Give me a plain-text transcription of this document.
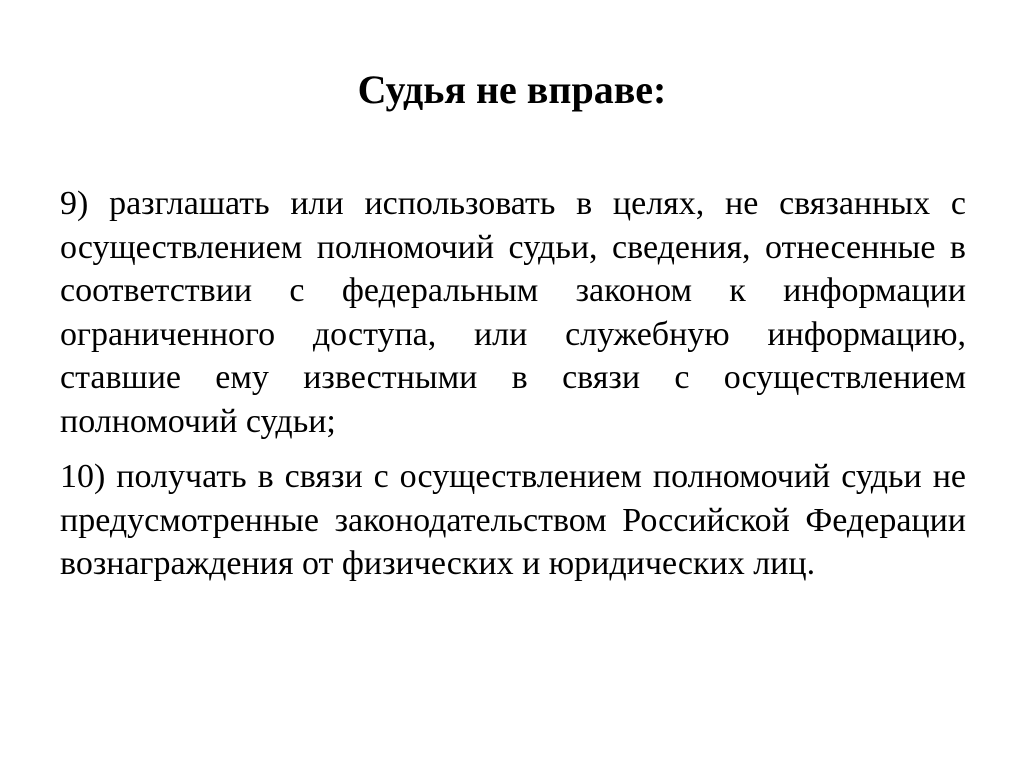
Судья не вправе:

9) разглашать или использовать в целях, не связанных с осуществлением полномочий судьи, сведения, отнесенные в соответствии с федеральным законом к информации ограниченного доступа, или служебную информацию, ставшие ему известными в связи с осуществлением полномочий судьи;

10) получать в связи с осуществлением полномочий судьи не предусмотренные законодательством Российской Федерации вознаграждения от физических и юридических лиц.
